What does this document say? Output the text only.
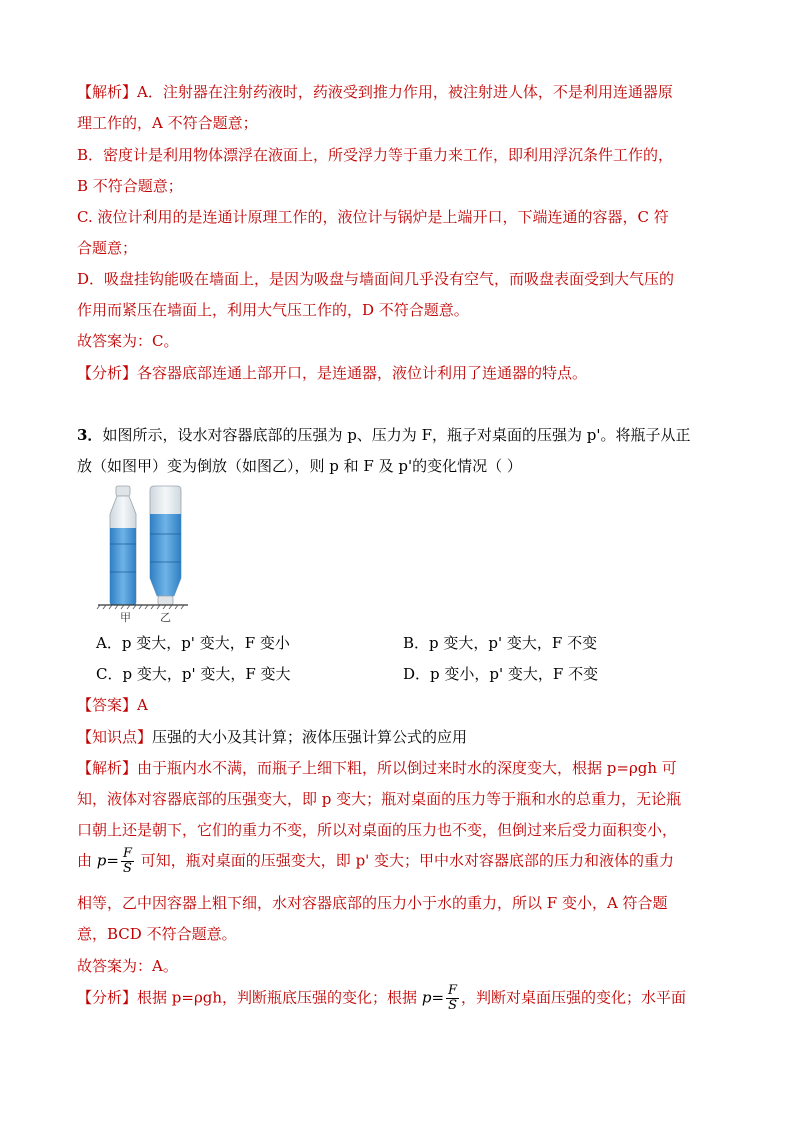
【解析】A．注射器在注射药液时，药液受到推力作用，被注射进人体，不是利用连通器原
理工作的，A 不符合题意；
B．密度计是利用物体漂浮在液面上，所受浮力等于重力来工作，即利用浮沉条件工作的，
B 不符合题意；
C. 液位计利用的是连通计原理工作的，液位计与锅炉是上端开口，下端连通的容器，C 符
合题意；
D．吸盘挂钩能吸在墙面上，是因为吸盘与墙面间几乎没有空气，而吸盘表面受到大气压的
作用而紧压在墙面上，利用大气压工作的，D 不符合题意。
故答案为：C。
【分析】各容器底部连通上部开口，是连通器，液位计利用了连通器的特点。
3．如图所示，设水对容器底部的压强为 p、压力为 F，瓶子对桌面的压强为 p'。将瓶子从正
放（如图甲）变为倒放（如图乙），则 p 和 F 及 p'的变化情况（ ）
甲	乙
A．p 变大，p' 变大，F 变小	B．p 变大，p' 变大，F 不变
C．p 变大，p' 变大，F 变大	D．p 变小，p' 变大，F 不变
【答案】A
【知识点】压强的大小及其计算；液体压强计算公式的应用
【解析】由于瓶内水不满，而瓶子上细下粗，所以倒过来时水的深度变大，根据 p=ρgh 可
知，液体对容器底部的压强变大，即 p 变大；瓶对桌面的压力等于瓶和水的总重力，无论瓶
口朝上还是朝下，它们的重力不变，所以对桌面的压力也不变，但倒过来后受力面积变小，
由 $p= \frac{F}{S}$ 可知，瓶对桌面的压强变大，即 p' 变大；甲中水对容器底部的压力和液体的重力
相等，乙中因容器上粗下细，水对容器底部的压力小于水的重力，所以 F 变小，A 符合题
意，BCD 不符合题意。
故答案为：A。
【分析】根据 p=ρgh，判断瓶底压强的变化；根据 $p= \frac{F}{S}$ ，判断对桌面压强的变化；水平面
